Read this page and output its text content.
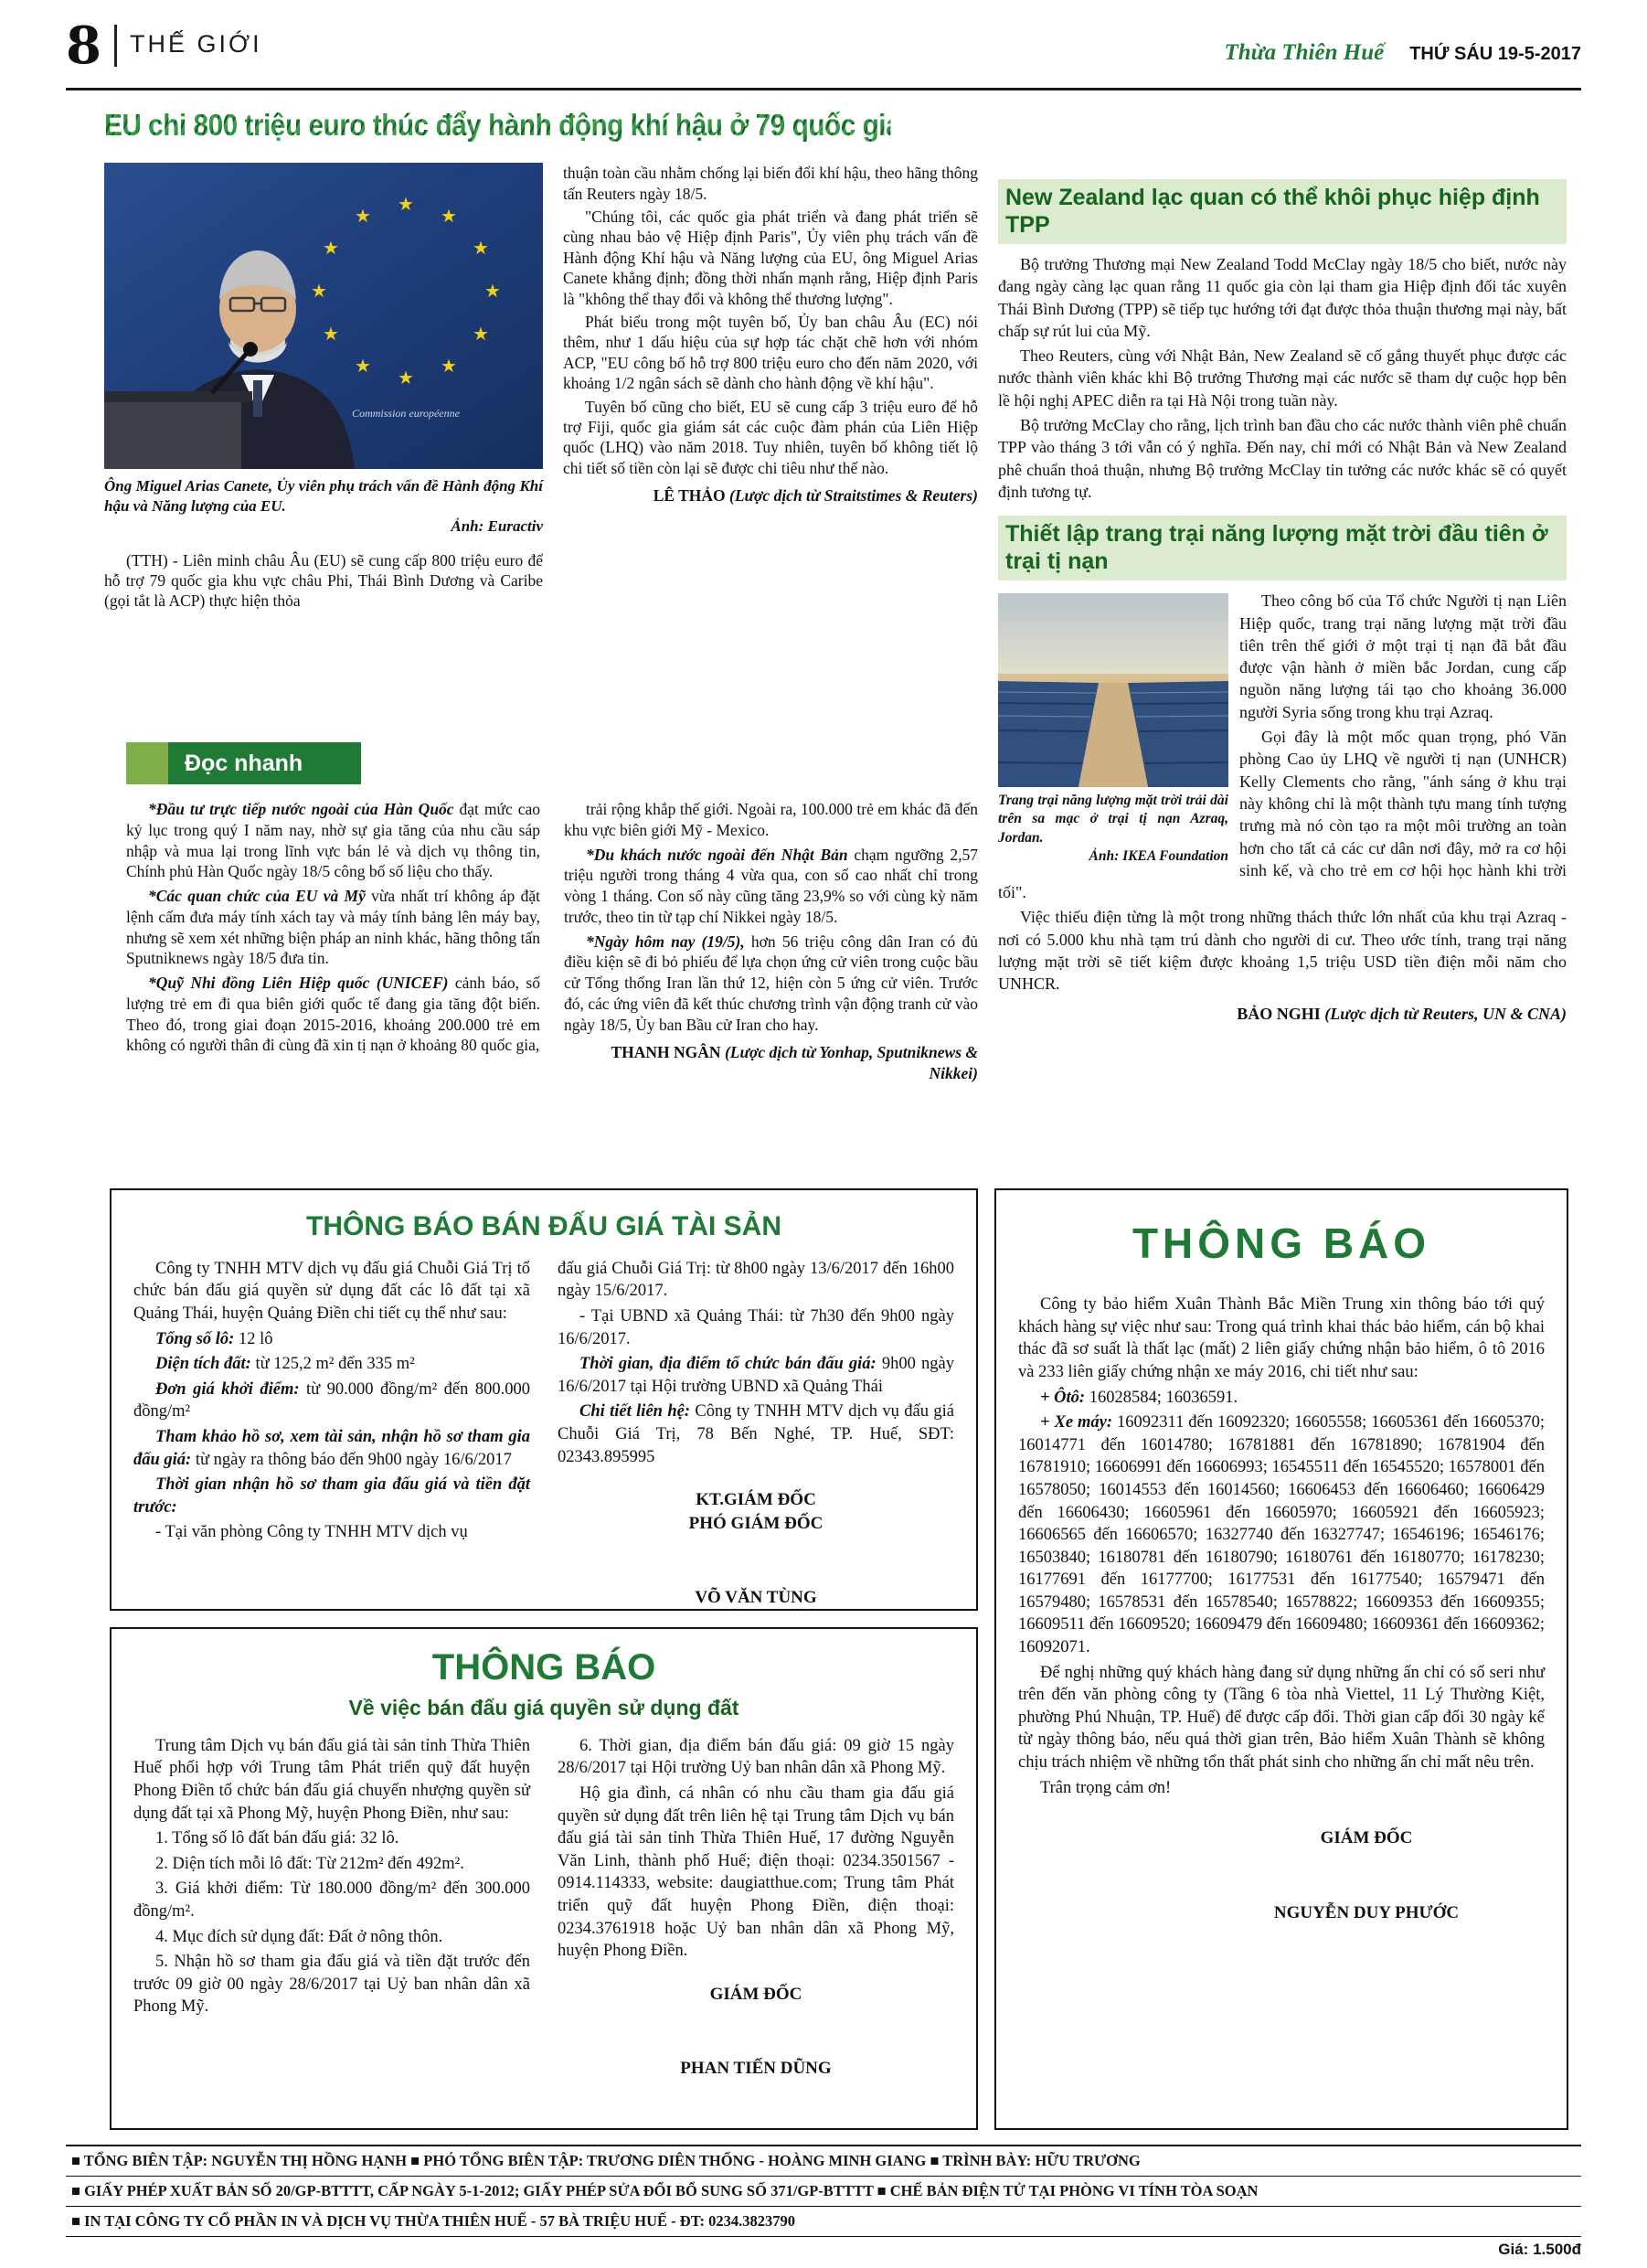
8 THẾ GIỚI	Thừa Thiên Huế THỨ SÁU 19-5-2017
EU chi 800 triệu euro thúc đẩy hành động khí hậu ở 79 quốc gia
★
★
★
★
★
★
★
★
★
★
★
★
Commission européenne
Ông Miguel Arias Canete, Ủy viên phụ trách vấn đề Hành động Khí hậu và Năng lượng của EU.
Ảnh: Euractiv

(TTH) - Liên minh châu Âu (EU) sẽ cung cấp 800 triệu euro để hỗ trợ 79 quốc gia khu vực châu Phi, Thái Bình Dương và Caribe (gọi tắt là ACP) thực hiện thỏa

thuận toàn cầu nhằm chống lại biến đổi khí hậu, theo hãng thông tấn Reuters ngày 18/5.

"Chúng tôi, các quốc gia phát triển và đang phát triển sẽ cùng nhau bảo vệ Hiệp định Paris", Ủy viên phụ trách vấn đề Hành động Khí hậu và Năng lượng của EU, ông Miguel Arias Canete khẳng định; đồng thời nhấn mạnh rằng, Hiệp định Paris là "không thể thay đổi và không thể thương lượng".

Phát biểu trong một tuyên bố, Ủy ban châu Âu (EC) nói thêm, như 1 dấu hiệu của sự hợp tác chặt chẽ hơn với nhóm ACP, "EU công bố hỗ trợ 800 triệu euro cho đến năm 2020, với khoảng 1/2 ngân sách sẽ dành cho hành động về khí hậu".

Tuyên bố cũng cho biết, EU sẽ cung cấp 3 triệu euro để hỗ trợ Fiji, quốc gia giám sát các cuộc đàm phán của Liên Hiệp quốc (LHQ) vào năm 2018. Tuy nhiên, tuyên bố không tiết lộ chi tiết số tiền còn lại sẽ được chi tiêu như thế nào.

LÊ THẢO (Lược dịch từ Straitstimes & Reuters)

New Zealand lạc quan có thể khôi phục hiệp định TPP

Bộ trưởng Thương mại New Zealand Todd McClay ngày 18/5 cho biết, nước này đang ngày càng lạc quan rằng 11 quốc gia còn lại tham gia Hiệp định đối tác xuyên Thái Bình Dương (TPP) sẽ tiếp tục hướng tới đạt được thỏa thuận thương mại này, bất chấp sự rút lui của Mỹ.

Theo Reuters, cùng với Nhật Bản, New Zealand sẽ cố gắng thuyết phục được các nước thành viên khác khi Bộ trưởng Thương mại các nước sẽ tham dự cuộc họp bên lề hội nghị APEC diễn ra tại Hà Nội trong tuần này.

Bộ trưởng McClay cho rằng, lịch trình ban đầu cho các nước thành viên phê chuẩn TPP vào tháng 3 tới vẫn có ý nghĩa. Đến nay, chỉ mới có Nhật Bản và New Zealand phê chuẩn thoả thuận, nhưng Bộ trưởng McClay tin tưởng các nước khác sẽ có quyết định tương tự.

Thiết lập trang trại năng lượng mặt trời đầu tiên ở trại tị nạn
Trang trại năng lượng mặt trời trải dài trên sa mạc ở trại tị nạn Azraq, Jordan.
Ảnh: IKEA Foundation

Theo công bố của Tổ chức Người tị nạn Liên Hiệp quốc, trang trại năng lượng mặt trời đầu tiên trên thế giới ở một trại tị nạn đã bắt đầu được vận hành ở miền bắc Jordan, cung cấp nguồn năng lượng tái tạo cho khoảng 36.000 người Syria sống trong khu trại Azraq.

Gọi đây là một mốc quan trọng, phó Văn phòng Cao ủy LHQ về người tị nạn (UNHCR) Kelly Clements cho rằng, "ánh sáng ở khu trại này không chỉ là một thành tựu mang tính tượng trưng mà nó còn tạo ra một môi trường an toàn hơn cho tất cả các cư dân nơi đây, mở ra cơ hội sinh kế, và cho trẻ em cơ hội học hành khi trời tối".

Việc thiếu điện từng là một trong những thách thức lớn nhất của khu trại Azraq - nơi có 5.000 khu nhà tạm trú dành cho người di cư. Theo ước tính, trang trại năng lượng mặt trời sẽ tiết kiệm được khoảng 1,5 triệu USD tiền điện mỗi năm cho UNHCR.

BẢO NGHI (Lược dịch từ Reuters, UN & CNA)

Đọc nhanh

*Đầu tư trực tiếp nước ngoài của Hàn Quốc đạt mức cao kỷ lục trong quý I năm nay, nhờ sự gia tăng của nhu cầu sáp nhập và mua lại trong lĩnh vực bán lẻ và dịch vụ thông tin, Chính phủ Hàn Quốc ngày 18/5 công bố số liệu cho thấy.

*Các quan chức của EU và Mỹ vừa nhất trí không áp đặt lệnh cấm đưa máy tính xách tay và máy tính bảng lên máy bay, nhưng sẽ xem xét những biện pháp an ninh khác, hãng thông tấn Sputniknews ngày 18/5 đưa tin.

*Quỹ Nhi đồng Liên Hiệp quốc (UNICEF) cảnh báo, số lượng trẻ em đi qua biên giới quốc tế đang gia tăng đột biến. Theo đó, trong giai đoạn 2015-2016, khoảng 200.000 trẻ em không có người thân đi cùng đã xin tị nạn ở khoảng 80 quốc gia,

trải rộng khắp thế giới. Ngoài ra, 100.000 trẻ em khác đã đến khu vực biên giới Mỹ - Mexico.

*Du khách nước ngoài đến Nhật Bản chạm ngưỡng 2,57 triệu người trong tháng 4 vừa qua, con số cao nhất chỉ trong vòng 1 tháng. Con số này cũng tăng 23,9% so với cùng kỳ năm trước, theo tin từ tạp chí Nikkei ngày 18/5.

*Ngày hôm nay (19/5), hơn 56 triệu công dân Iran có đủ điều kiện sẽ đi bỏ phiếu để lựa chọn ứng cử viên trong cuộc bầu cử Tổng thống Iran lần thứ 12, hiện còn 5 ứng cử viên. Trước đó, các ứng viên đã kết thúc chương trình vận động tranh cử vào ngày 18/5, Ủy ban Bầu cử Iran cho hay.

THANH NGÂN (Lược dịch từ Yonhap, Sputniknews & Nikkei)

THÔNG BÁO BÁN ĐẤU GIÁ TÀI SẢN

Công ty TNHH MTV dịch vụ đấu giá Chuỗi Giá Trị tổ chức bán đấu giá quyền sử dụng đất các lô đất tại xã Quảng Thái, huyện Quảng Điền chi tiết cụ thể như sau:

Tổng số lô: 12 lô

Diện tích đất: từ 125,2 m² đến 335 m²

Đơn giá khởi điểm: từ 90.000 đồng/m² đến 800.000 đồng/m²

Tham khảo hồ sơ, xem tài sản, nhận hồ sơ tham gia đấu giá: từ ngày ra thông báo đến 9h00 ngày 16/6/2017

Thời gian nhận hồ sơ tham gia đấu giá và tiền đặt trước:

- Tại văn phòng Công ty TNHH MTV dịch vụ

đấu giá Chuỗi Giá Trị: từ 8h00 ngày 13/6/2017 đến 16h00 ngày 15/6/2017.

- Tại UBND xã Quảng Thái: từ 7h30 đến 9h00 ngày 16/6/2017.

Thời gian, địa điểm tổ chức bán đấu giá: 9h00 ngày 16/6/2017 tại Hội trường UBND xã Quảng Thái

Chi tiết liên hệ: Công ty TNHH MTV dịch vụ đấu giá Chuỗi Giá Trị, 78 Bến Nghé, TP. Huế, SĐT: 02343.895995

KT.GIÁM ĐỐC
PHÓ GIÁM ĐỐC
VÕ VĂN TÙNG
THÔNG BÁO
Về việc bán đấu giá quyền sử dụng đất

Trung tâm Dịch vụ bán đấu giá tài sản tỉnh Thừa Thiên Huế phối hợp với Trung tâm Phát triển quỹ đất huyện Phong Điền tổ chức bán đấu giá chuyển nhượng quyền sử dụng đất tại xã Phong Mỹ, huyện Phong Điền, như sau:

1. Tổng số lô đất bán đấu giá: 32 lô.

2. Diện tích mỗi lô đất: Từ 212m² đến 492m².

3. Giá khởi điểm: Từ 180.000 đồng/m² đến 300.000 đồng/m².

4. Mục đích sử dụng đất: Đất ở nông thôn.

5. Nhận hồ sơ tham gia đấu giá và tiền đặt trước đến trước 09 giờ 00 ngày 28/6/2017 tại Uỷ ban nhân dân xã Phong Mỹ.

6. Thời gian, địa điểm bán đấu giá: 09 giờ 15 ngày 28/6/2017 tại Hội trường Uỷ ban nhân dân xã Phong Mỹ.

Hộ gia đình, cá nhân có nhu cầu tham gia đấu giá quyền sử dụng đất trên liên hệ tại Trung tâm Dịch vụ bán đấu giá tài sản tỉnh Thừa Thiên Huế, 17 đường Nguyễn Văn Linh, thành phố Huế; điện thoại: 0234.3501567 - 0914.114333, website: daugiatthue.com; Trung tâm Phát triển quỹ đất huyện Phong Điền, điện thoại: 0234.3761918 hoặc Uỷ ban nhân dân xã Phong Mỹ, huyện Phong Điền.

GIÁM ĐỐC
PHAN TIẾN DŨNG
THÔNG BÁO

Công ty bảo hiểm Xuân Thành Bắc Miền Trung xin thông báo tới quý khách hàng sự việc như sau: Trong quá trình khai thác bảo hiểm, cán bộ khai thác đã sơ suất là thất lạc (mất) 2 liên giấy chứng nhận bảo hiểm, ô tô 2016 và 233 liên giấy chứng nhận xe máy 2016, chi tiết như sau:

+ Ôtô: 16028584; 16036591.

+ Xe máy: 16092311 đến 16092320; 16605558; 16605361 đến 16605370; 16014771 đến 16014780; 16781881 đến 16781890; 16781904 đến 16781910; 16606991 đến 16606993; 16545511 đến 16545520; 16578001 đến 16578050; 16014553 đến 16014560; 16606453 đến 16606460; 16606429 đến 16606430; 16605961 đến 16605970; 16605921 đến 16605923; 16606565 đến 16606570; 16327740 đến 16327747; 16546196; 16546176; 16503840; 16180781 đến 16180790; 16180761 đến 16180770; 16178230; 16177691 đến 16177700; 16177531 đến 16177540; 16579471 đến 16579480; 16578531 đến 16578540; 16578822; 16609353 đến 16609355; 16609511 đến 16609520; 16609479 đến 16609480; 16609361 đến 16609362; 16092071.

Để nghị những quý khách hàng đang sử dụng những ấn chỉ có số seri như trên đến văn phòng công ty (Tầng 6 tòa nhà Viettel, 11 Lý Thường Kiệt, phường Phú Nhuận, TP. Huế) để được cấp đổi. Thời gian cấp đổi 30 ngày kể từ ngày thông báo, nếu quá thời gian trên, Bảo hiểm Xuân Thành sẽ không chịu trách nhiệm về những tổn thất phát sinh cho những ấn chỉ mất nêu trên.

Trân trọng cảm ơn!

GIÁM ĐỐC
NGUYỄN DUY PHƯỚC
■ TỔNG BIÊN TẬP: NGUYỄN THỊ HỒNG HẠNH ■ PHÓ TỔNG BIÊN TẬP: TRƯƠNG DIÊN THỐNG - HOÀNG MINH GIANG ■ TRÌNH BÀY: HỮU TRƯƠNG
■ GIẤY PHÉP XUẤT BẢN SỐ 20/GP-BTTTT, CẤP NGÀY 5-1-2012; GIẤY PHÉP SỬA ĐỔI BỔ SUNG SỐ 371/GP-BTTTT ■ CHẾ BẢN ĐIỆN TỬ TẠI PHÒNG VI TÍNH TÒA SOẠN
■ IN TẠI CÔNG TY CỔ PHẦN IN VÀ DỊCH VỤ THỪA THIÊN HUẾ - 57 BÀ TRIỆU HUẾ - ĐT: 0234.3823790
Giá: 1.500đ
